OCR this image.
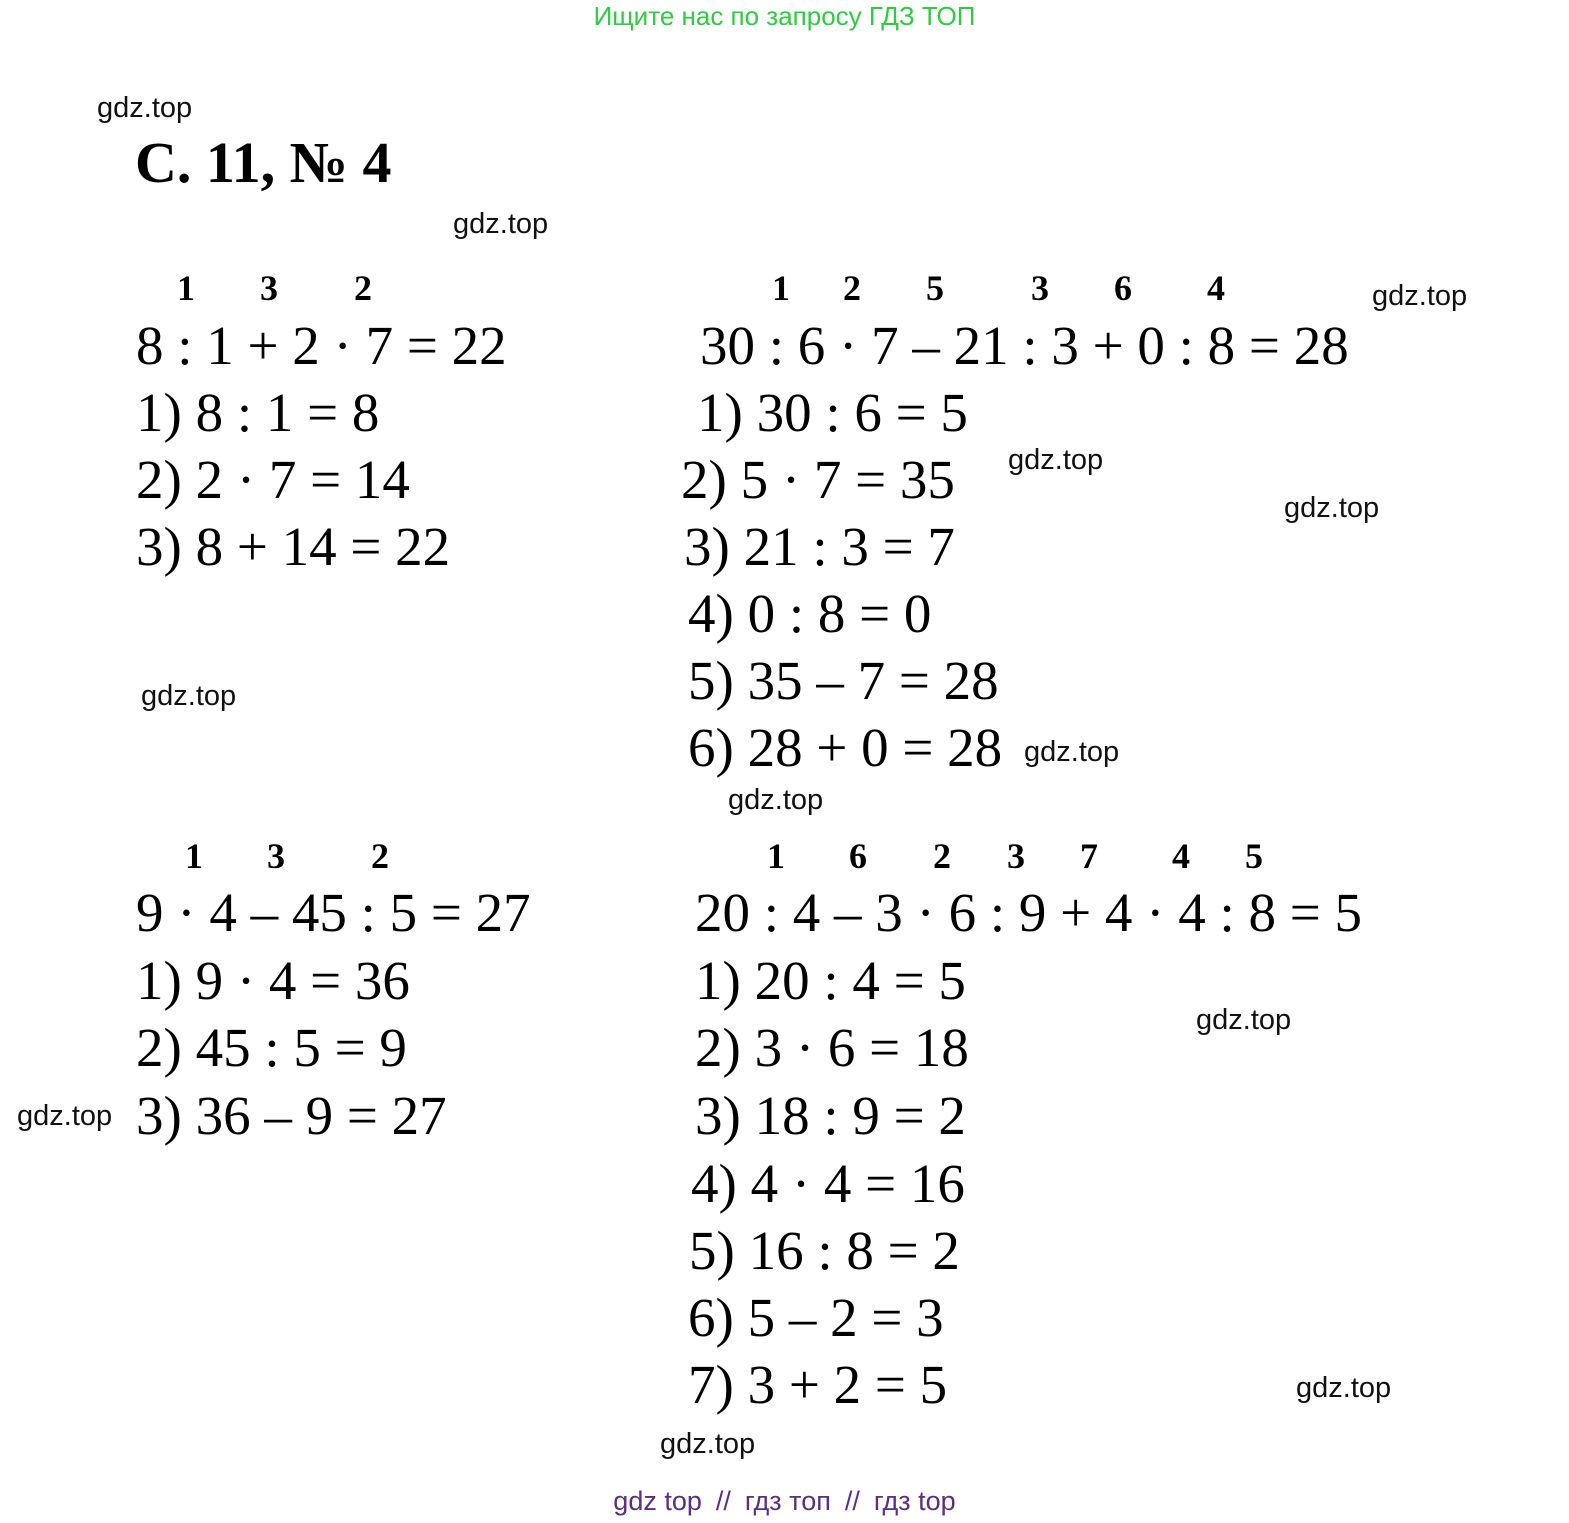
Ищите нас по запросу ГДЗ ТОП
gdz.top
С. 11, № 4
gdz.top
1 3 2
8 : 1 + 2 · 7 = 22
1) 8 : 1 = 8
2) 2 · 7 = 14
3) 8 + 14 = 22
1 2 5 3 6 4	gdz.top
30 : 6 · 7 – 21 : 3 + 0 : 8 = 28
1) 30 : 6 = 5
2) 5 · 7 = 35
3) 21 : 3 = 7
4) 0 : 8 = 0
5) 35 – 7 = 28
6) 28 + 0 = 28
gdz.top
gdz.top
gdz.top
gdz.top
gdz.top
1 3 2
9 · 4 – 45 : 5 = 27
1) 9 · 4 = 36
2) 45 : 5 = 9
3) 36 – 9 = 27
gdz.top
1 6 2 3 7 4 5
20 : 4 – 3 · 6 : 9 + 4 · 4 : 8 = 5
1) 20 : 4 = 5
2) 3 · 6 = 18
3) 18 : 9 = 2
4) 4 · 4 = 16
5) 16 : 8 = 2
6) 5 – 2 = 3
7) 3 + 2 = 5
gdz.top
gdz.top
gdz.top
gdz top // гдз топ // гдз top
